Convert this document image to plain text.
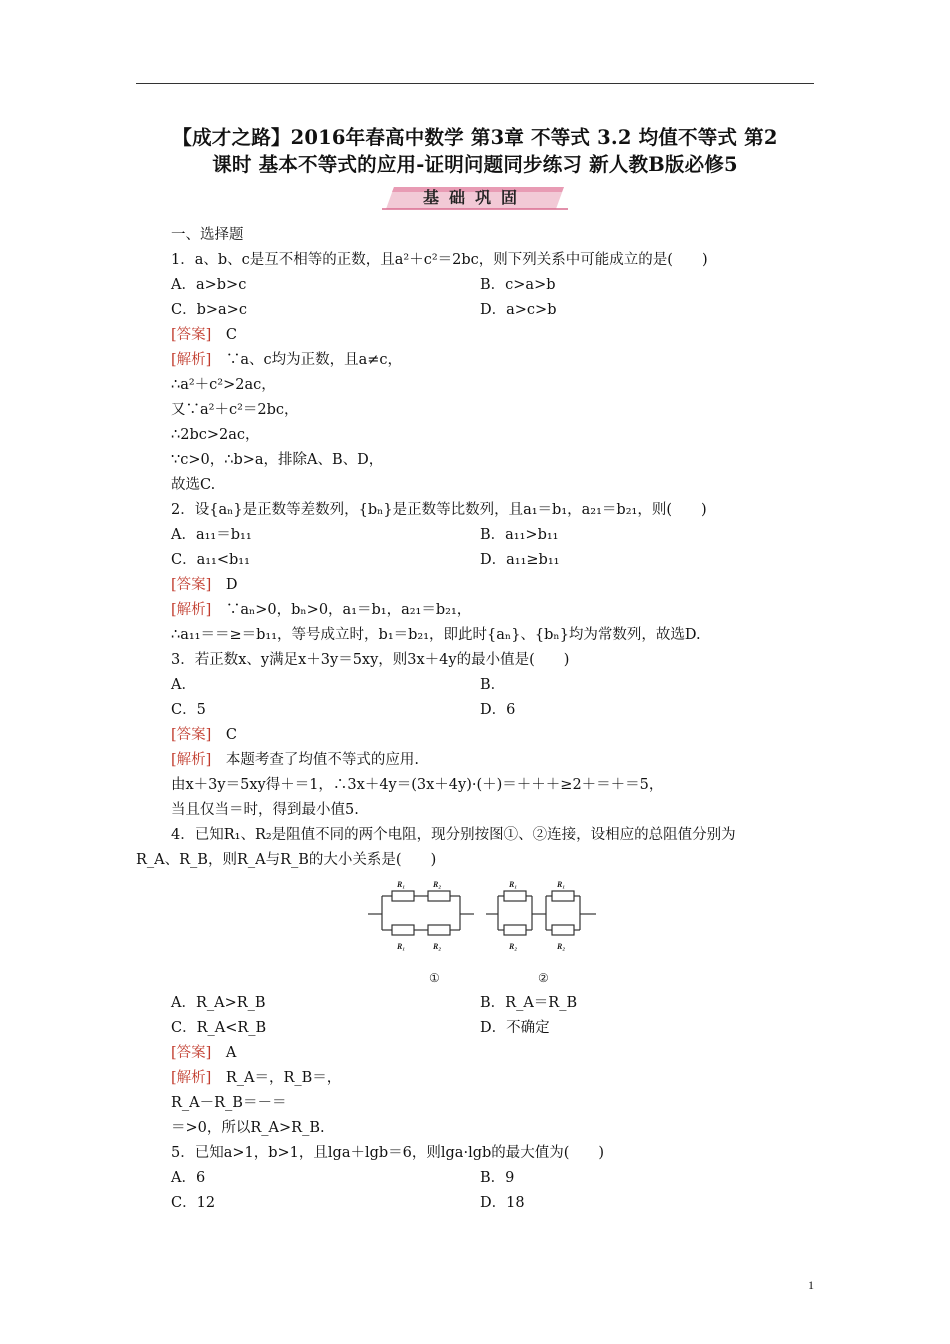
【成才之路】2016年春高中数学 第3章 不等式 3.2 均值不等式 第2
课时 基本不等式的应用-证明问题同步练习 新人教B版必修5
基础巩固
一、选择题
1．a、b、c是互不相等的正数，且a²＋c²＝2bc，则下列关系中可能成立的是(　　)
A．a>b>c	B．c>a>b
C．b>a>c	D．a>c>b
[答案]　C
[解析]　∵a、c均为正数，且a≠c，
∴a²＋c²>2ac，
又∵a²＋c²＝2bc，
∴2bc>2ac，
∵c>0，∴b>a，排除A、B、D，
故选C.
2．设{aₙ}是正数等差数列，{bₙ}是正数等比数列，且a₁＝b₁，a₂₁＝b₂₁，则(　　)
A．a₁₁＝b₁₁	B．a₁₁>b₁₁
C．a₁₁<b₁₁	D．a₁₁≥b₁₁
[答案]　D
[解析]　∵aₙ>0，bₙ>0，a₁＝b₁，a₂₁＝b₂₁，
∴a₁₁＝＝≥＝b₁₁，等号成立时，b₁＝b₂₁，即此时{aₙ}、{bₙ}均为常数列，故选D.
3．若正数x、y满足x＋3y＝5xy，则3x＋4y的最小值是(　　)
A．	B．
C．5	D．6
[答案]　C
[解析]　本题考查了均值不等式的应用.
由x＋3y＝5xy得＋＝1，∴3x＋4y＝(3x＋4y)·(＋)＝＋＋＋≥2＋＝＋＝5，
当且仅当＝时，得到最小值5.
4．已知R₁、R₂是阻值不同的两个电阻，现分别按图①、②连接，设相应的总阻值分别为
R_A、R_B，则R_A与R_B的大小关系是(　　)
A．R_A>R_B	B．R_A＝R_B
C．R_A<R_B	D．不确定
[答案]　A
[解析]　R_A＝，R_B＝，
R_A－R_B＝－＝
＝>0，所以R_A>R_B.
5．已知a>1，b>1，且lga＋lgb＝6，则lga·lgb的最大值为(　　)
A．6	B．9
C．12	D．18
R₁	R₂
R₁	R₂
R₁	R₁
R₂	R₂
①	②
1
